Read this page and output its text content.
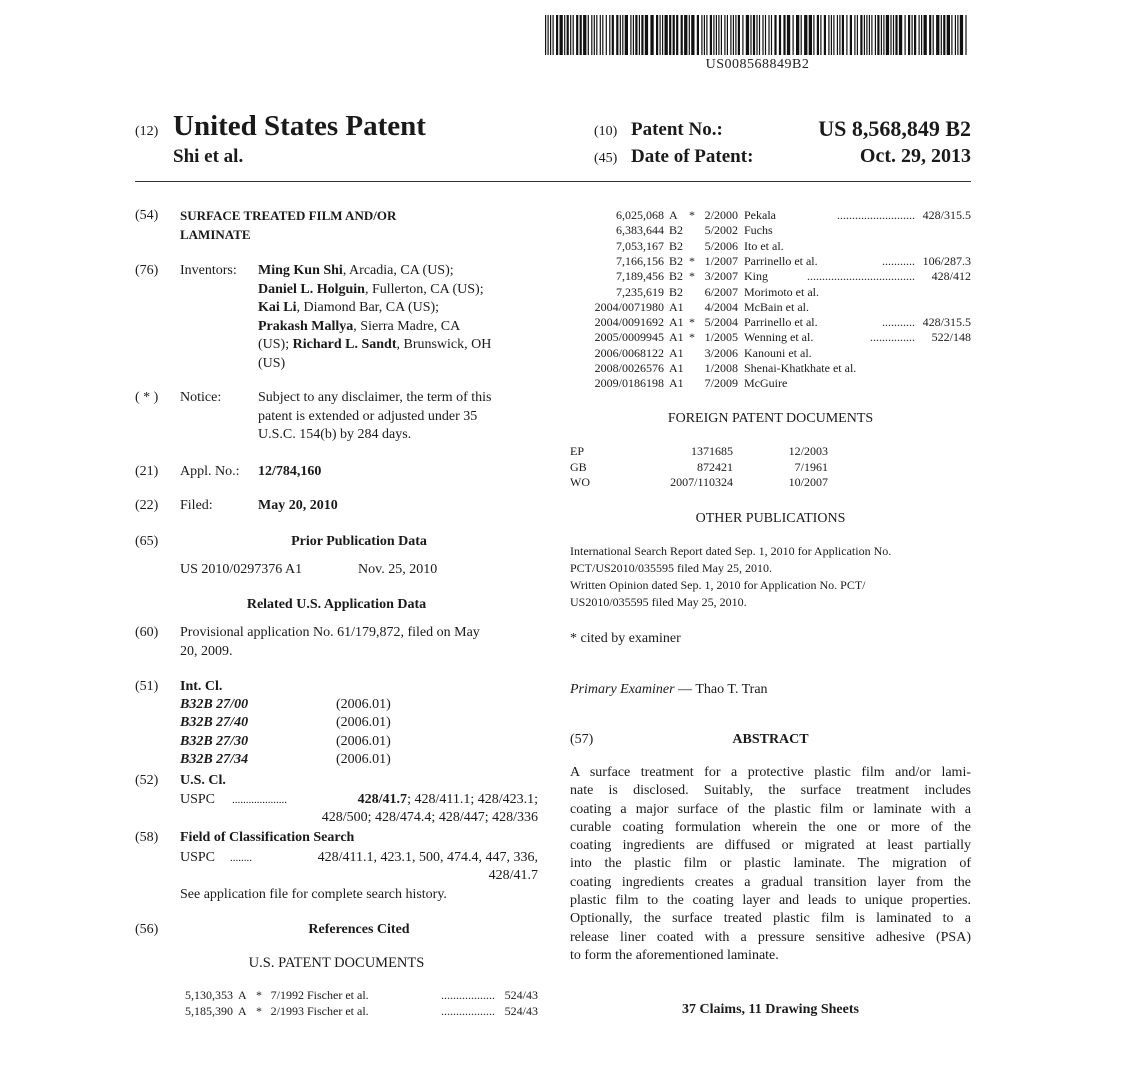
US008568849B2
(12) United States Patent
Shi et al.
(10) Patent No.:	US 8,568,849 B2
(45) Date of Patent:	Oct. 29, 2013
(54) SURFACE TREATED FILM AND/OR
LAMINATE
(76) Inventors: Ming Kun Shi, Arcadia, CA (US);
Daniel L. Holguin, Fullerton, CA (US);
Kai Li, Diamond Bar, CA (US);
Prakash Mallya, Sierra Madre, CA
(US); Richard L. Sandt, Brunswick, OH
(US)
( * ) Notice:	Subject to any disclaimer, the term of this
patent is extended or adjusted under 35
U.S.C. 154(b) by 284 days.
(21) Appl. No.: 12/784,160
(22) Filed:	May 20, 2010
(65)	Prior Publication Data
US 2010/0297376 A1	Nov. 25, 2010
Related U.S. Application Data
(60) Provisional application No. 61/179,872, filed on May
20, 2009.
(51) Int. Cl.
B32B 27/00	(2006.01)
B32B 27/40	(2006.01)
B32B 27/30	(2006.01)
B32B 27/34	(2006.01)
(52) U.S. Cl.
USPC ....................	428/41.7; 428/411.1; 428/423.1;
428/500; 428/474.4; 428/447; 428/336
(58) Field of Classification Search
USPC ........	428/411.1, 423.1, 500, 474.4, 447, 336,
428/41.7
See application file for complete search history.
(56)	References Cited
U.S. PATENT DOCUMENTS
5,130,353 A * 7/1992 Fischer et al.	.................. 524/43
5,185,390 A * 2/1993 Fischer et al.	.................. 524/43
6,025,068 A * 2/2000 Pekala	.......................... 428/315.5
6,383,644 B2 5/2002 Fuchs
7,053,167 B2 5/2006 Ito et al.
7,166,156 B2 * 1/2007 Parrinello et al.	........... 106/287.3
7,189,456 B2 * 3/2007 King	.................................... 428/412
7,235,619 B2 6/2007 Morimoto et al.
2004/0071980 A1 4/2004 McBain et al.
2004/0091692 A1 * 5/2004 Parrinello et al.	........... 428/315.5
2005/0009945 A1 * 1/2005 Wenning et al.	............... 522/148
2006/0068122 A1 3/2006 Kanouni et al.
2008/0026576 A1 1/2008 Shenai-Khatkhate et al.
2009/0186198 A1 7/2009 McGuire
FOREIGN PATENT DOCUMENTS
EP	1371685	12/2003
GB	872421	7/1961
WO	2007/110324	10/2007
OTHER PUBLICATIONS
International Search Report dated Sep. 1, 2010 for Application No.
PCT/US2010/035595 filed May 25, 2010.
Written Opinion dated Sep. 1, 2010 for Application No. PCT/
US2010/035595 filed May 25, 2010.
* cited by examiner
Primary Examiner — Thao T. Tran
(57)	ABSTRACT
A surface treatment for a protective plastic film and/or lami-
nate is disclosed. Suitably, the surface treatment includes
coating a major surface of the plastic film or laminate with a
curable coating formulation wherein the one or more of the
coating ingredients are diffused or migrated at least partially
into the plastic film or plastic laminate. The migration of
coating ingredients creates a gradual transition layer from the
plastic film to the coating layer and leads to unique properties.
Optionally, the surface treated plastic film is laminated to a
release liner coated with a pressure sensitive adhesive (PSA)
to form the aforementioned laminate.
37 Claims, 11 Drawing Sheets
